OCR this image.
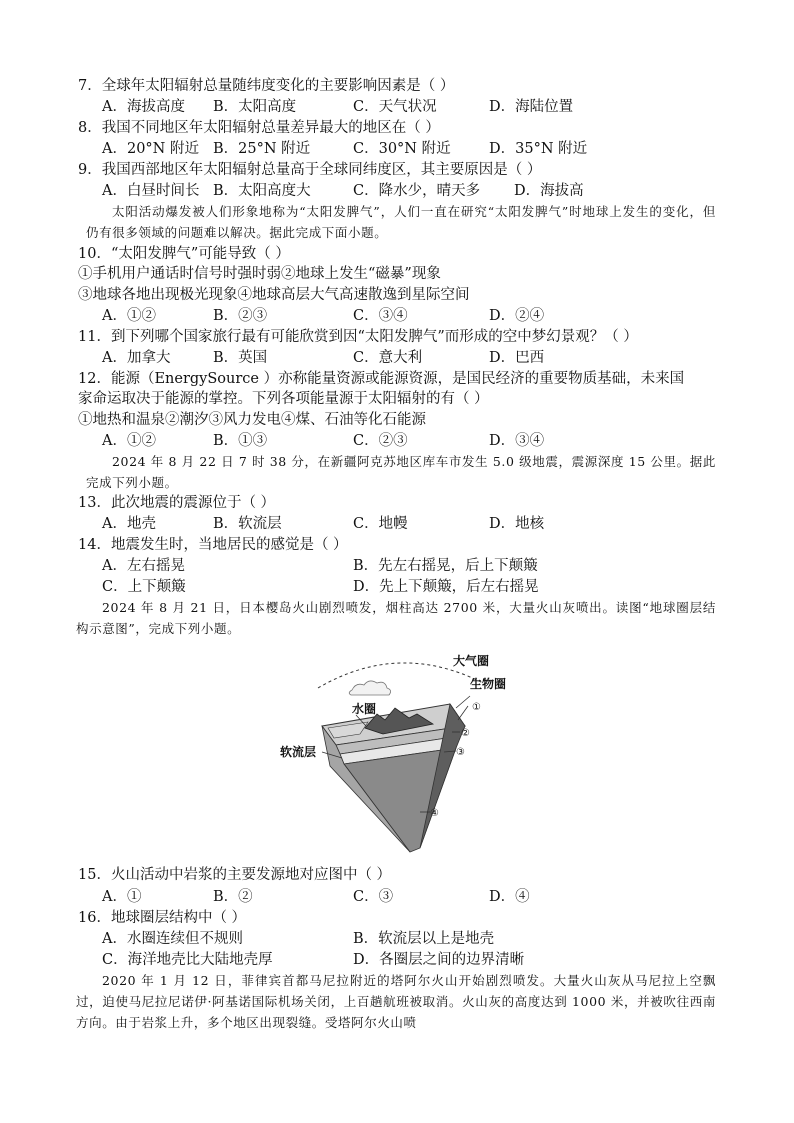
7．全球年太阳辐射总量随纬度变化的主要影响因素是（ ）
A．海拔高度 B．太阳高度	C．天气状况	D．海陆位置
8．我国不同地区年太阳辐射总量差异最大的地区在（ ）
A．20°N 附近 B．25°N 附近	C．30°N 附近	D．35°N 附近
9．我国西部地区年太阳辐射总量高于全球同纬度区，其主要原因是（ ）
A．白昼时间长 B．太阳高度大	C．降水少，晴天多 D．海拔高
太阳活动爆发被人们形象地称为“太阳发脾气”，人们一直在研究“太阳发脾气”时地球上发生的变化，但仍有很多领域的问题难以解决。据此完成下面小题。
10．“太阳发脾气”可能导致（ ）
①手机用户通话时信号时强时弱②地球上发生“磁暴”现象
③地球各地出现极光现象④地球高层大气高速散逸到星际空间
A．①②	B．②③	C．③④	D．②④
11．到下列哪个国家旅行最有可能欣赏到因“太阳发脾气”而形成的空中梦幻景观？（ ）
A．加拿大	B．英国	C．意大利	D．巴西
12．能源（EnergySource ）亦称能量资源或能源资源，是国民经济的重要物质基础，未来国
家命运取决于能源的掌控。下列各项能量源于太阳辐射的有（ ）
①地热和温泉②潮汐③风力发电④煤、石油等化石能源
A．①②	B．①③	C．②③	D．③④
2024 年 8 月 22 日 7 时 38 分，在新疆阿克苏地区库车市发生 5.0 级地震，震源深度 15 公里。据此完成下列小题。
13．此次地震的震源位于（ ）
A．地壳	B．软流层	C．地幔	D．地核
14．地震发生时，当地居民的感觉是（ ）
A．左右摇晃	B．先左右摇晃，后上下颠簸
C．上下颠簸	D．先上下颠簸，后左右摇晃
2024 年 8 月 21 日，日本樱岛火山剧烈喷发，烟柱高达 2700 米，大量火山灰喷出。读图“地球圈层结构示意图”，完成下列小题。
大气圈
生物圈
水圈
软流层
①
②
③
④
15．火山活动中岩浆的主要发源地对应图中（ ）
A．①	B．②	C．③	D．④
16．地球圈层结构中（ ）
A．水圈连续但不规则	B．软流层以上是地壳
C．海洋地壳比大陆地壳厚	D．各圈层之间的边界清晰
2020 年 1 月 12 日，菲律宾首都马尼拉附近的塔阿尔火山开始剧烈喷发。大量火山灰从马尼拉上空飘过，迫使马尼拉尼诺伊·阿基诺国际机场关闭，上百趟航班被取消。火山灰的高度达到 1000 米，并被吹往西南方向。由于岩浆上升，多个地区出现裂缝。受塔阿尔火山喷
